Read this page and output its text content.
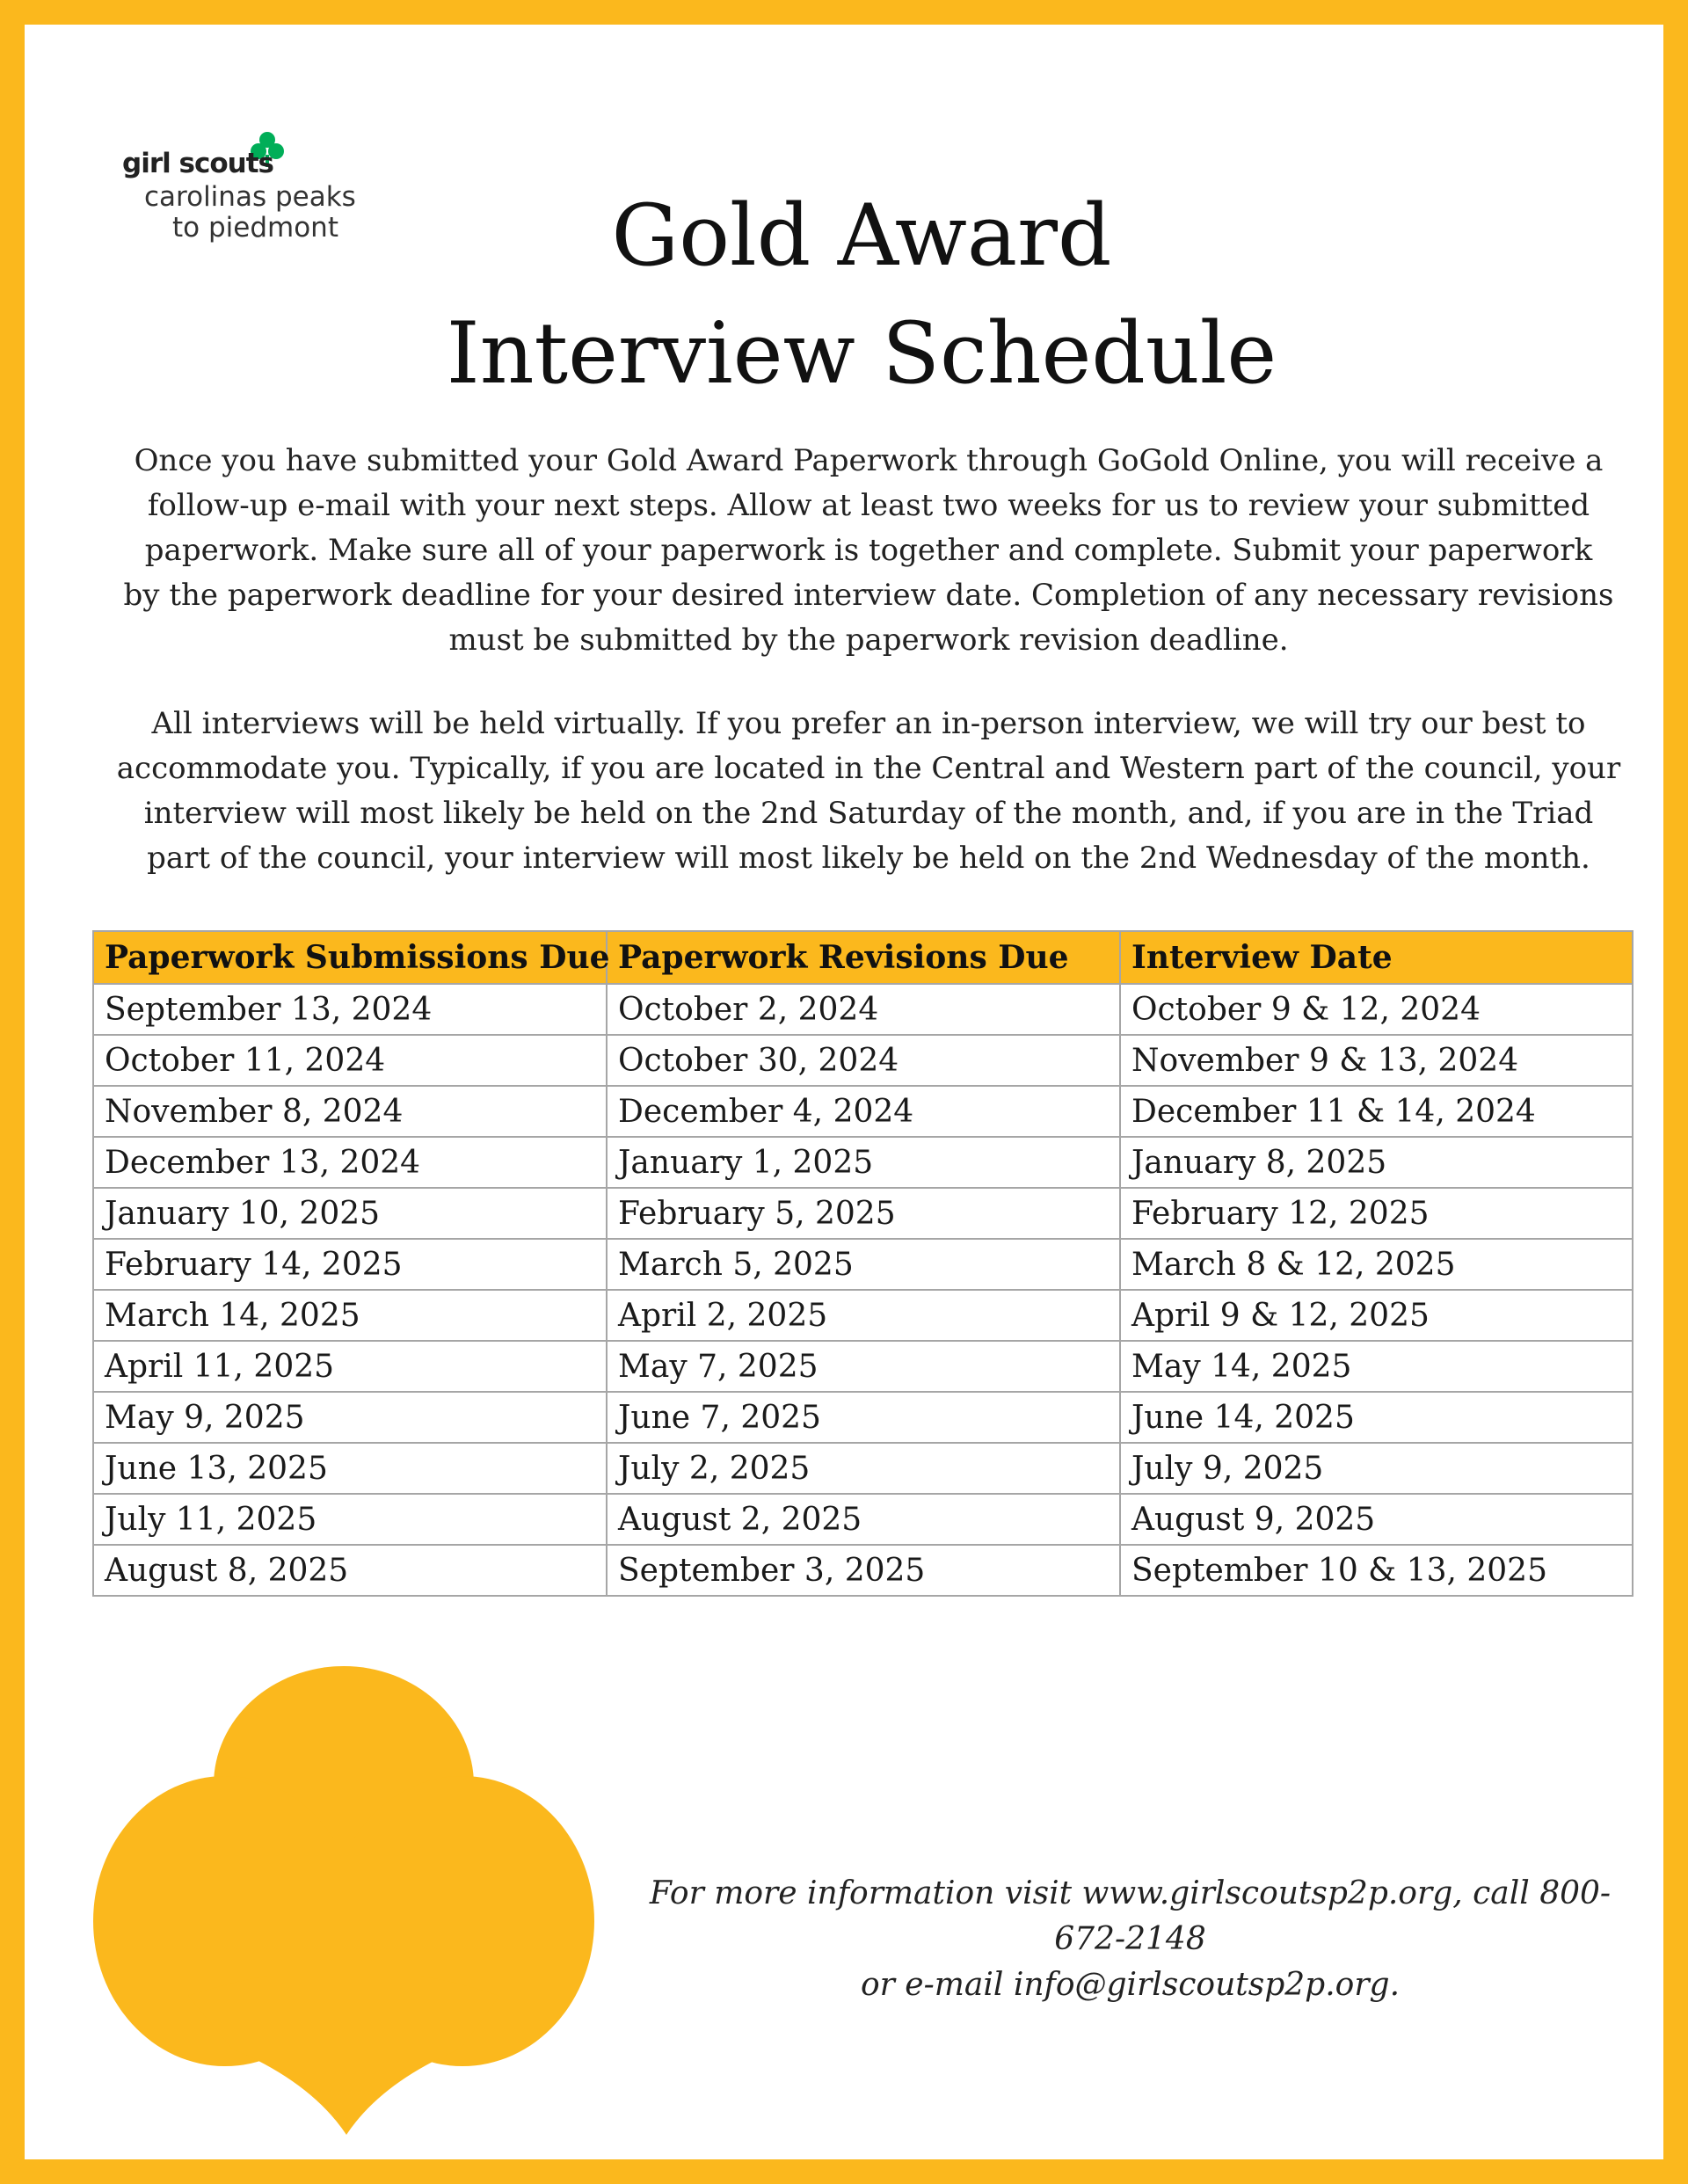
girl scouts
carolinas peaks
to piedmont	Gold Award
Interview Schedule
Once you have submitted your Gold Award Paperwork through GoGold Online, you will receive a
follow-up e-mail with your next steps. Allow at least two weeks for us to review your submitted
paperwork. Make sure all of your paperwork is together and complete. Submit your paperwork
by the paperwork deadline for your desired interview date. Completion of any necessary revisions
must be submitted by the paperwork revision deadline.
All interviews will be held virtually. If you prefer an in-person interview, we will try our best to
accommodate you. Typically, if you are located in the Central and Western part of the council, your
interview will most likely be held on the 2nd Saturday of the month, and, if you are in the Triad
part of the council, your interview will most likely be held on the 2nd Wednesday of the month.
Paperwork Submissions Due	Paperwork Revisions Due	Interview Date
September 13, 2024	October 2, 2024	October 9 & 12, 2024
October 11, 2024	October 30, 2024	November 9 & 13, 2024
November 8, 2024	December 4, 2024	December 11 & 14, 2024
December 13, 2024	January 1, 2025	January 8, 2025
January 10, 2025	February 5, 2025	February 12, 2025
February 14, 2025	March 5, 2025	March 8 & 12, 2025
March 14, 2025	April 2, 2025	April 9 & 12, 2025
April 11, 2025	May 7, 2025	May 14, 2025
May 9, 2025	June 7, 2025	June 14, 2025
June 13, 2025	July 2, 2025	July 9, 2025
July 11, 2025	August 2, 2025	August 9, 2025
August 8, 2025	September 3, 2025	September 10 & 13, 2025
For more information visit www.girlscoutsp2p.org, call 800-672-2148
or e-mail info@girlscoutsp2p.org.
